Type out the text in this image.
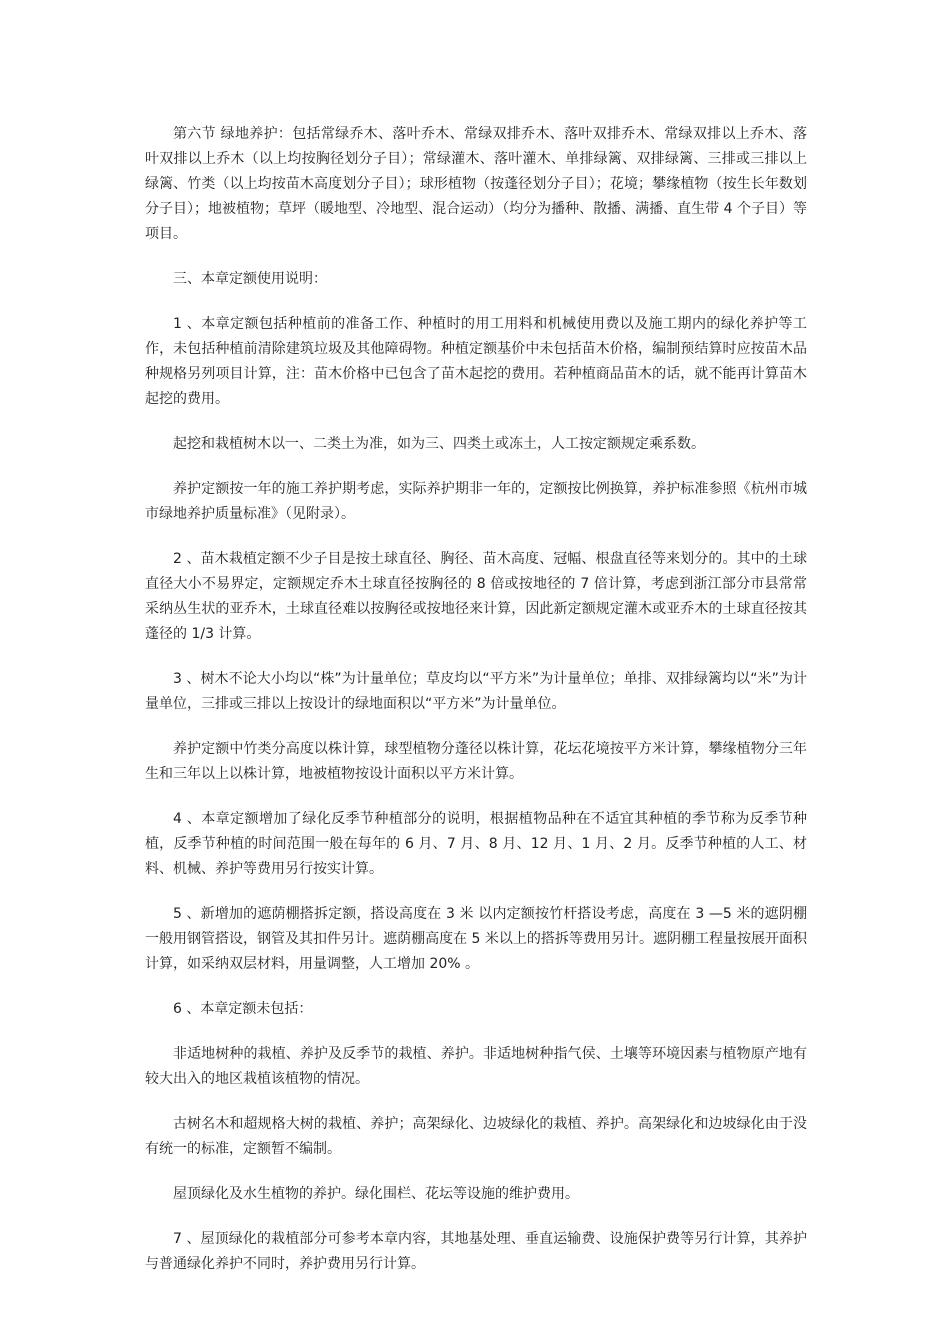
第六节 绿地养护：包括常绿乔木、落叶乔木、常绿双排乔木、落叶双排乔木、常绿双排以上乔木、落叶双排以上乔木（以上均按胸径划分子目）；常绿灌木、落叶灌木、单排绿篱、双排绿篱、三排或三排以上绿篱、竹类（以上均按苗木高度划分子目）；球形植物（按蓬径划分子目）；花境；攀缘植物（按生长年数划分子目）；地被植物；草坪（暖地型、冷地型、混合运动）（均分为播种、散播、满播、直生带 4 个子目）等项目。

三、本章定额使用说明：

1 、本章定额包括种植前的准备工作、种植时的用工用料和机械使用费以及施工期内的绿化养护等工作，未包括种植前清除建筑垃圾及其他障碍物。种植定额基价中未包括苗木价格，编制预结算时应按苗木品种规格另列项目计算，注：苗木价格中已包含了苗木起挖的费用。若种植商品苗木的话，就不能再计算苗木起挖的费用。

起挖和栽植树木以一、二类土为准，如为三、四类土或冻土，人工按定额规定乘系数。

养护定额按一年的施工养护期考虑，实际养护期非一年的，定额按比例换算，养护标准参照《杭州市城市绿地养护质量标准》（见附录）。

2 、苗木栽植定额不少子目是按土球直径、胸径、苗木高度、冠幅、根盘直径等来划分的。其中的土球直径大小不易界定，定额规定乔木土球直径按胸径的 8 倍或按地径的 7 倍计算，考虑到浙江部分市县常常采纳丛生状的亚乔木，土球直径难以按胸径或按地径来计算，因此新定额规定灌木或亚乔木的土球直径按其蓬径的 1/3 计算。

3 、树木不论大小均以“株”为计量单位；草皮均以“平方米”为计量单位；单排、双排绿篱均以“米”为计量单位，三排或三排以上按设计的绿地面积以“平方米”为计量单位。

养护定额中竹类分高度以株计算，球型植物分蓬径以株计算，花坛花境按平方米计算，攀缘植物分三年生和三年以上以株计算，地被植物按设计面积以平方米计算。

4 、本章定额增加了绿化反季节种植部分的说明，根据植物品种在不适宜其种植的季节称为反季节种植，反季节种植的时间范围一般在每年的 6 月、7 月、8 月、12 月、1 月、2 月。反季节种植的人工、材料、机械、养护等费用另行按实计算。

5 、新增加的遮荫棚搭拆定额，搭设高度在 3 米 以内定额按竹杆搭设考虑，高度在 3 —5 米的遮阴棚一般用钢管搭设，钢管及其扣件另计。遮荫棚高度在 5 米以上的搭拆等费用另计。遮阴棚工程量按展开面积计算，如采纳双层材料，用量调整，人工增加 20% 。

6 、本章定额未包括：

非适地树种的栽植、养护及反季节的栽植、养护。非适地树种指气侯、土壤等环境因素与植物原产地有较大出入的地区栽植该植物的情况。

古树名木和超规格大树的栽植、养护；高架绿化、边坡绿化的栽植、养护。高架绿化和边坡绿化由于没有统一的标准，定额暂不编制。

屋顶绿化及水生植物的养护。绿化围栏、花坛等设施的维护费用。

7 、屋顶绿化的栽植部分可参考本章内容，其地基处理、垂直运输费、设施保护费等另行计算，其养护与普通绿化养护不同时，养护费用另行计算。
